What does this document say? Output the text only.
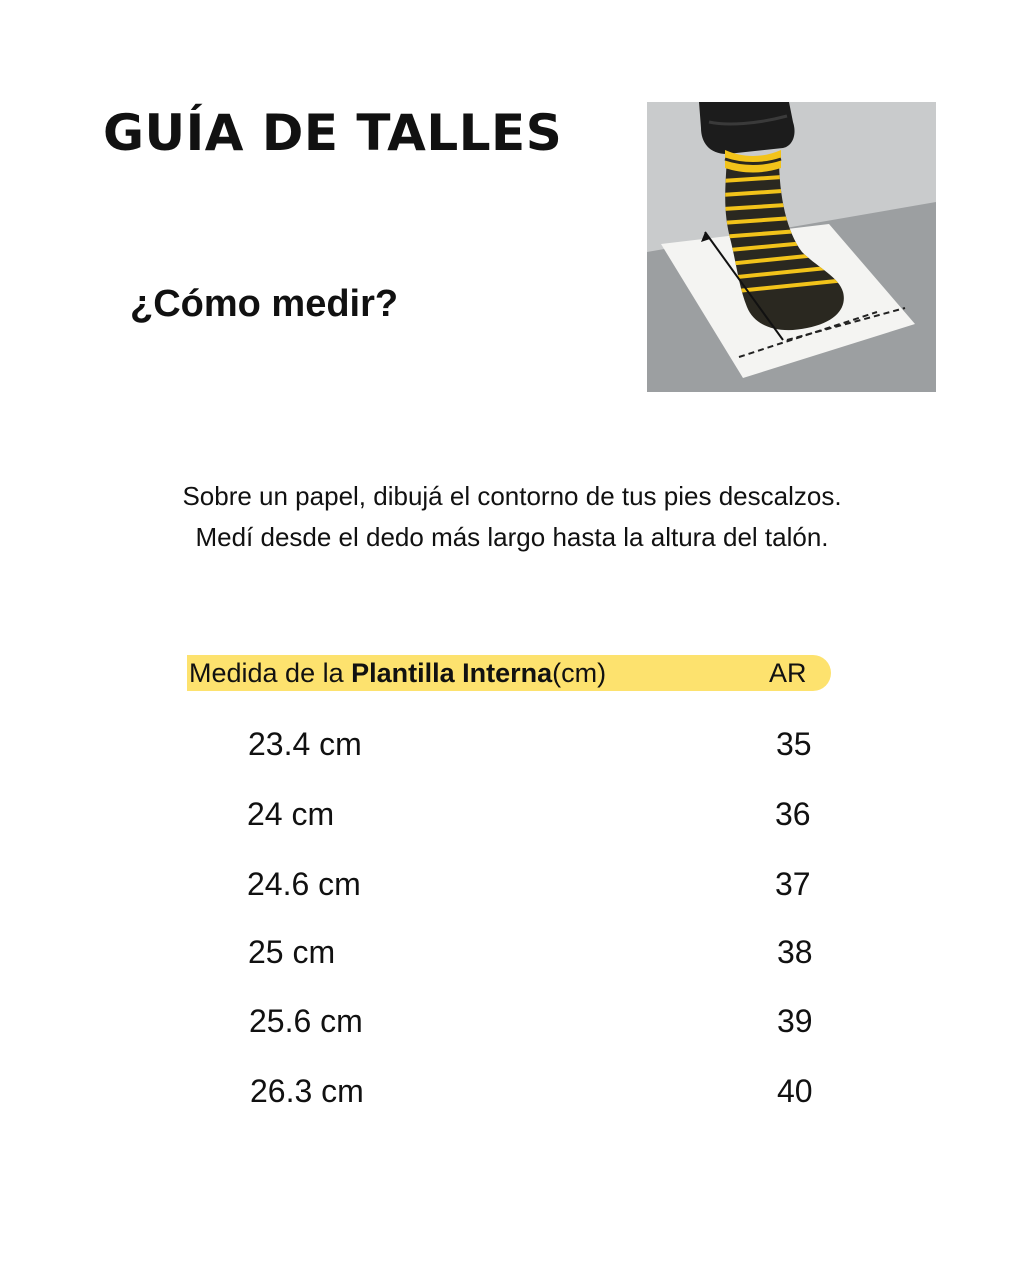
GUÍA DE TALLES
¿Cómo medir?

Sobre un papel, dibujá el contorno de tus pies descalzos.
Medí desde el dedo más largo hasta la altura del talón.

Medida de la Plantilla Interna(cm)	AR
23.4 cm	35
24 cm	36
24.6 cm	37
25 cm	38
25.6 cm	39
26.3 cm	40
